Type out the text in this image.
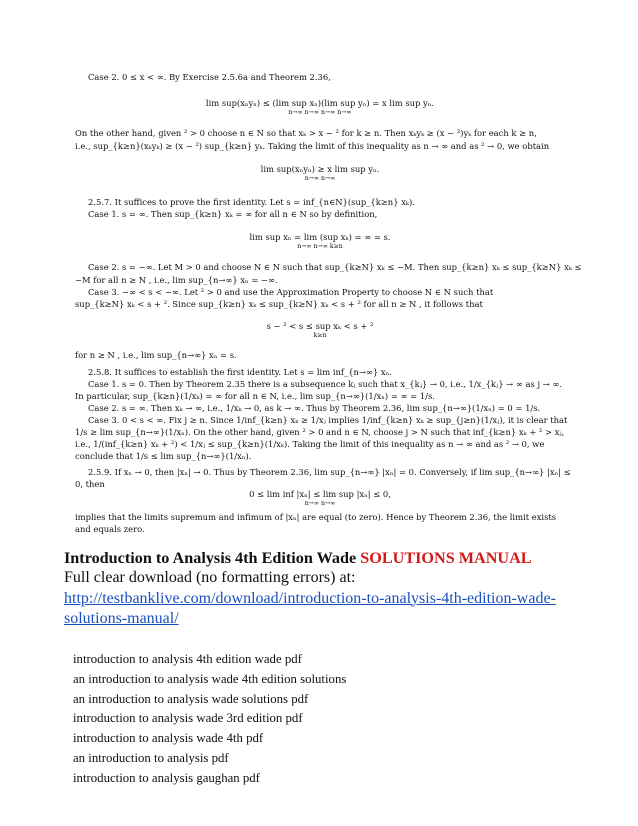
Case 2. 0 ≤ x < ∞. By Exercise 2.5.6a and Theorem 2.36,
lim sup(xₙyₙ) ≤ (lim sup xₙ)(lim sup yₙ) = x lim sup yₙ.
n→∞ n→∞ n→∞ n→∞
On the other hand, given ² > 0 choose n ∈ N so that xₖ > x − ² for k ≥ n. Then xₖyₖ ≥ (x − ²)yₖ for each k ≥ n,
i.e., sup_{k≥n}(xₖyₖ) ≥ (x − ²) sup_{k≥n} yₖ. Taking the limit of this inequality as n → ∞ and as ² → 0, we obtain
lim sup(xₙyₙ) ≥ x lim sup yₙ.
n→∞ n→∞
2.5.7. It suffices to prove the first identity. Let s = inf_{n∈N}(sup_{k≥n} xₖ).
Case 1. s = ∞. Then sup_{k≥n} xₖ = ∞ for all n ∈ N so by definition,
lim sup xₙ = lim (sup xₖ) = ∞ = s.
n→∞ n→∞ k≥n
Case 2. s = −∞. Let M > 0 and choose N ∈ N such that sup_{k≥N} xₖ ≤ −M. Then sup_{k≥n} xₖ ≤ sup_{k≥N} xₖ ≤
−M for all n ≥ N , i.e., lim sup_{n→∞} xₙ = −∞.
Case 3. −∞ < s < −∞. Let ² > 0 and use the Approximation Property to choose N ∈ N such that
sup_{k≥N} xₖ < s + ². Since sup_{k≥n} xₖ ≤ sup_{k≥N} xₖ < s + ² for all n ≥ N , it follows that
s − ² < s ≤ sup xₖ < s + ²
k≥n
for n ≥ N , i.e., lim sup_{n→∞} xₙ = s.
2.5.8. It suffices to establish the first identity. Let s = lim inf_{n→∞} xₙ.
Case 1. s = 0. Then by Theorem 2.35 there is a subsequence kⱼ such that x_{kⱼ} → 0, i.e., 1/x_{kⱼ} → ∞ as j → ∞.
In particular, sup_{k≥n}(1/xₖ) = ∞ for all n ∈ N, i.e., lim sup_{n→∞}(1/xₙ) = ∞ = 1/s.
Case 2. s = ∞. Then xₖ → ∞, i.e., 1/xₖ → 0, as k → ∞. Thus by Theorem 2.36, lim sup_{n→∞}(1/xₙ) = 0 = 1/s.
Case 3. 0 < s < ∞. Fix j ≥ n. Since 1/inf_{k≥n} xₖ ≥ 1/xⱼ implies 1/inf_{k≥n} xₖ ≥ sup_{j≥n}(1/xⱼ), it is clear that
1/s ≥ lim sup_{n→∞}(1/xₙ). On the other hand, given ² > 0 and n ∈ N, choose j > N such that inf_{k≥n} xₖ + ² > xⱼ,
i.e., 1/(inf_{k≥n} xₖ + ²) < 1/xⱼ ≤ sup_{k≥n}(1/xₖ). Taking the limit of this inequality as n → ∞ and as ² → 0, we
conclude that 1/s ≤ lim sup_{n→∞}(1/xₙ).
2.5.9. If xₙ → 0, then |xₙ| → 0. Thus by Theorem 2.36, lim sup_{n→∞} |xₙ| = 0. Conversely, if lim sup_{n→∞} |xₙ| ≤
0, then
0 ≤ lim inf |xₙ| ≤ lim sup |xₙ| ≤ 0,
n→∞ n→∞
implies that the limits supremum and infimum of |xₙ| are equal (to zero). Hence by Theorem 2.36, the limit exists
and equals zero.
Introduction to Analysis 4th Edition Wade SOLUTIONS MANUAL
Full clear download (no formatting errors) at:
http://testbanklive.com/download/introduction-to-analysis-4th-edition-wade-
solutions-manual/
introduction to analysis 4th edition wade pdf
an introduction to analysis wade 4th edition solutions
an introduction to analysis wade solutions pdf
introduction to analysis wade 3rd edition pdf
introduction to analysis wade 4th pdf
an introduction to analysis pdf
introduction to analysis gaughan pdf
